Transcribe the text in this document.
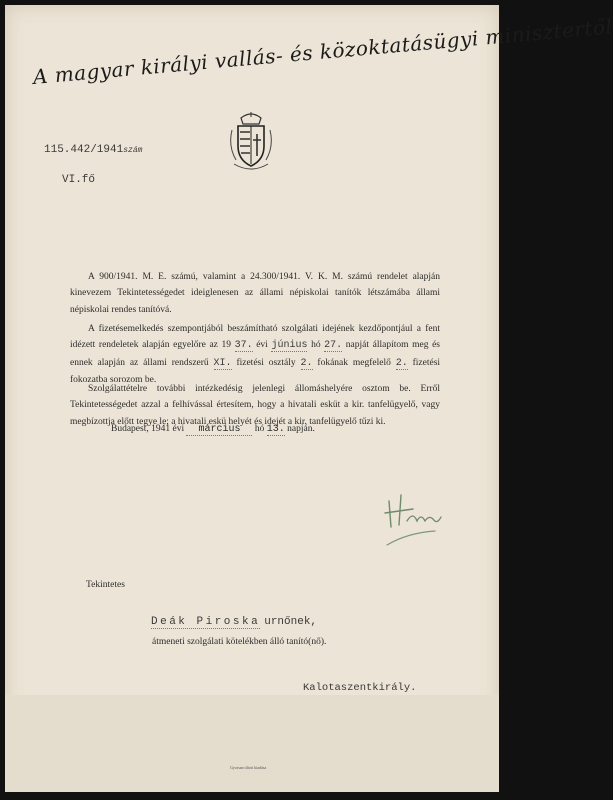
A magyar királyi vallás- és közoktatásügyi minisztertől
115.442/1941szám
VI.fő
A 900/1941. M. E. számú, valamint a 24.300/1941. V. K. M. számú rendelet alapján kinevezem Tekintetességedet ideiglenesen az állami népiskolai tanítók létszámába állami népiskolai rendes tanítóvá.
A fizetésemelkedés szempontjából beszámítható szolgálati idejének kezdőpontjául a fent idézett rendeletek alapján egyelőre az 19 37. évi június hó 27. napját állapítom meg és ennek alapján az állami rendszerű XI. fizetési osztály 2. fokának megfelelő 2. fizetési fokozatba sorozom be.
Szolgálattételre további intézkedésig jelenlegi állomáshelyére osztom be. Erről Tekintetességedet azzal a felhívással értesítem, hogy a hivatali esküt a kir. tanfelügyelő, vagy megbízottja előtt tegye le; a hivatali eskü helyét és idejét a kir. tanfelügyelő tűzi ki.
Budapest, 1941 évi március hó 13. napján.
Tekintetes
Deák Piroska urnőnek,
átmeneti szolgálati kötelékben álló tanító(nő).
Kalotaszentkirály.
Gyorsan tiltott kiadása
